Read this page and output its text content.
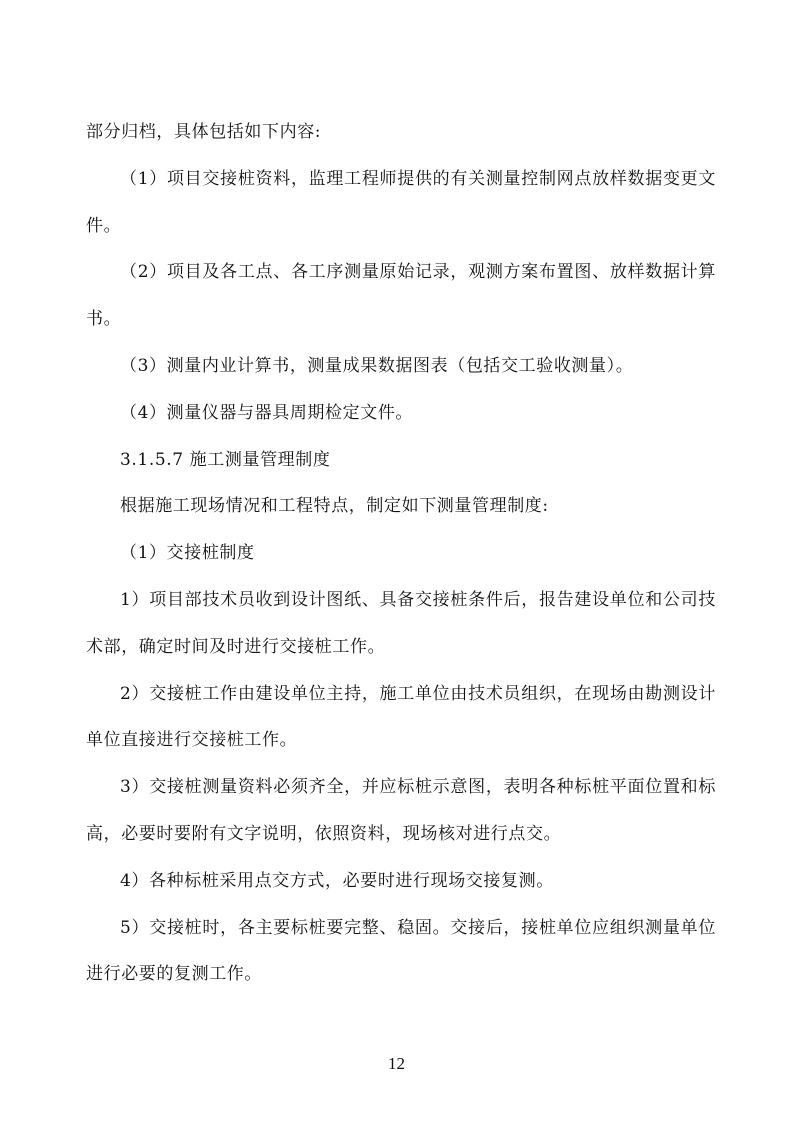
部分归档，具体包括如下内容:

（1）项目交接桩资料，监理工程师提供的有关测量控制网点放样数据变更文件。

（2）项目及各工点、各工序测量原始记录，观测方案布置图、放样数据计算书。

（3）测量内业计算书，测量成果数据图表（包括交工验收测量）。

（4）测量仪器与器具周期检定文件。

3.1.5.7 施工测量管理制度

根据施工现场情况和工程特点，制定如下测量管理制度:

（1）交接桩制度

1）项目部技术员收到设计图纸、具备交接桩条件后，报告建设单位和公司技术部，确定时间及时进行交接桩工作。

2）交接桩工作由建设单位主持，施工单位由技术员组织，在现场由勘测设计单位直接进行交接桩工作。

3）交接桩测量资料必须齐全，并应标桩示意图，表明各种标桩平面位置和标高，必要时要附有文字说明，依照资料，现场核对进行点交。

4）各种标桩采用点交方式，必要时进行现场交接复测。

5）交接桩时，各主要标桩要完整、稳固。交接后，接桩单位应组织测量单位进行必要的复测工作。

12
